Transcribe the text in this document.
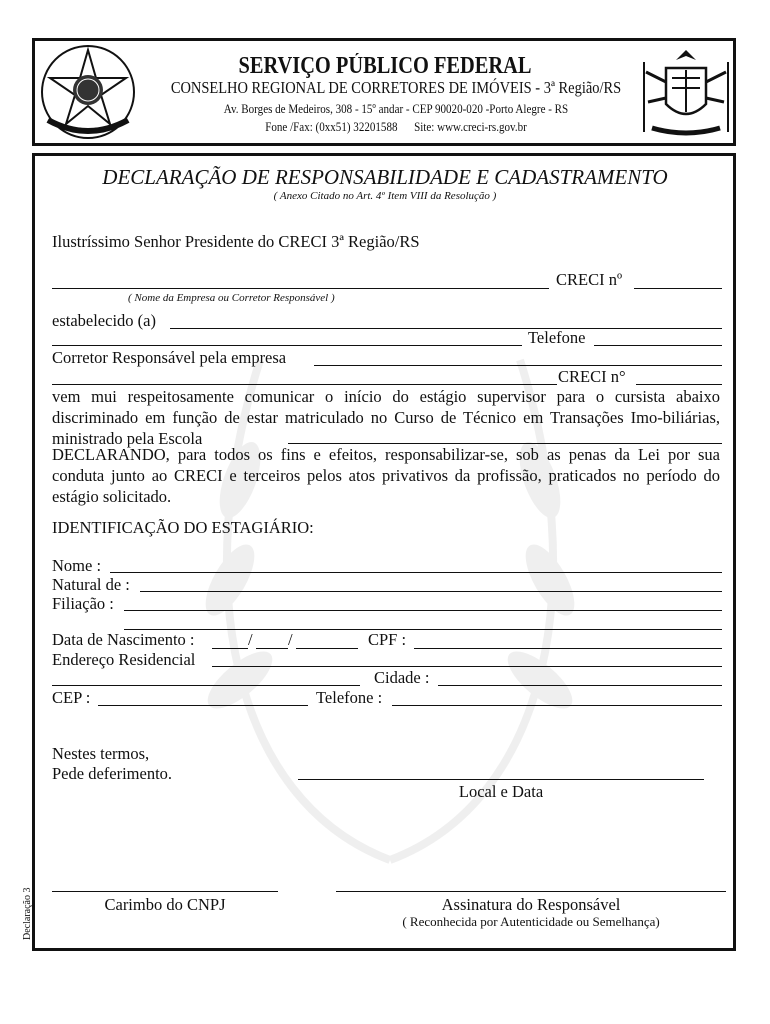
SERVIÇO PÚBLICO FEDERAL
CONSELHO REGIONAL DE CORRETORES DE IMÓVEIS - 3ª Região/RS
Av. Borges de Medeiros, 308 - 15º andar - CEP 90020-020 -Porto Alegre - RS
Fone /Fax: (0xx51) 32201588 Site: www.creci-rs.gov.br
DECLARAÇÃO DE RESPONSABILIDADE E CADASTRAMENTO
( Anexo Citado no Art. 4º Item VIII da Resolução )
Ilustríssimo Senhor Presidente do CRECI 3ª Região/RS
CRECI nº
( Nome da Empresa ou Corretor Responsável )
estabelecido (a)
Telefone
Corretor Responsável pela empresa
CRECI n°
vem mui respeitosamente comunicar o início do estágio supervisor para o cursista abaixo discriminado em função de estar matriculado no Curso de Técnico em Transações Imo-biliárias, ministrado pela Escola
DECLARANDO, para todos os fins e efeitos, responsabilizar-se, sob as penas da Lei por sua conduta junto ao CRECI e terceiros pelos atos privativos da profissão, praticados no período do estágio solicitado.
IDENTIFICAÇÃO DO ESTAGIÁRIO:
Nome :
Natural de :
Filiação :
Data de Nascimento :	/ /	CPF :
Endereço Residencial
Cidade :
CEP :	Telefone :
Nestes termos,
Pede deferimento.
Local e Data
Carimbo do CNPJ	Assinatura do Responsável
( Reconhecida por Autenticidade ou Semelhança)
Declaração 3
